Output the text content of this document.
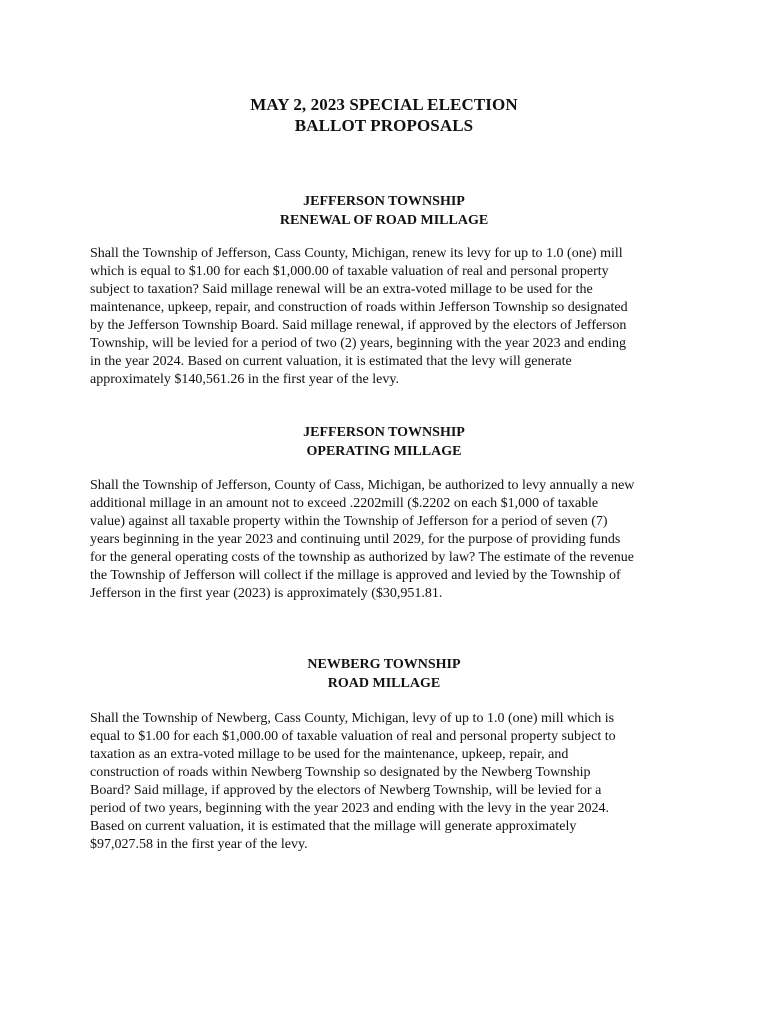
MAY 2, 2023 SPECIAL ELECTION
BALLOT PROPOSALS
JEFFERSON TOWNSHIP
RENEWAL OF ROAD MILLAGE

Shall the Township of Jefferson, Cass County, Michigan, renew its levy for up to 1.0 (one) mill
which is equal to $1.00 for each $1,000.00 of taxable valuation of real and personal property
subject to taxation? Said millage renewal will be an extra-voted millage to be used for the
maintenance, upkeep, repair, and construction of roads within Jefferson Township so designated
by the Jefferson Township Board. Said millage renewal, if approved by the electors of Jefferson
Township, will be levied for a period of two (2) years, beginning with the year 2023 and ending
in the year 2024. Based on current valuation, it is estimated that the levy will generate
approximately $140,561.26 in the first year of the levy.

JEFFERSON TOWNSHIP
OPERATING MILLAGE

Shall the Township of Jefferson, County of Cass, Michigan, be authorized to levy annually a new
additional millage in an amount not to exceed .2202mill ($.2202 on each $1,000 of taxable
value) against all taxable property within the Township of Jefferson for a period of seven (7)
years beginning in the year 2023 and continuing until 2029, for the purpose of providing funds
for the general operating costs of the township as authorized by law? The estimate of the revenue
the Township of Jefferson will collect if the millage is approved and levied by the Township of
Jefferson in the first year (2023) is approximately ($30,951.81.

NEWBERG TOWNSHIP
ROAD MILLAGE

Shall the Township of Newberg, Cass County, Michigan, levy of up to 1.0 (one) mill which is
equal to $1.00 for each $1,000.00 of taxable valuation of real and personal property subject to
taxation as an extra-voted millage to be used for the maintenance, upkeep, repair, and
construction of roads within Newberg Township so designated by the Newberg Township
Board? Said millage, if approved by the electors of Newberg Township, will be levied for a
period of two years, beginning with the year 2023 and ending with the levy in the year 2024.
Based on current valuation, it is estimated that the millage will generate approximately
$97,027.58 in the first year of the levy.
